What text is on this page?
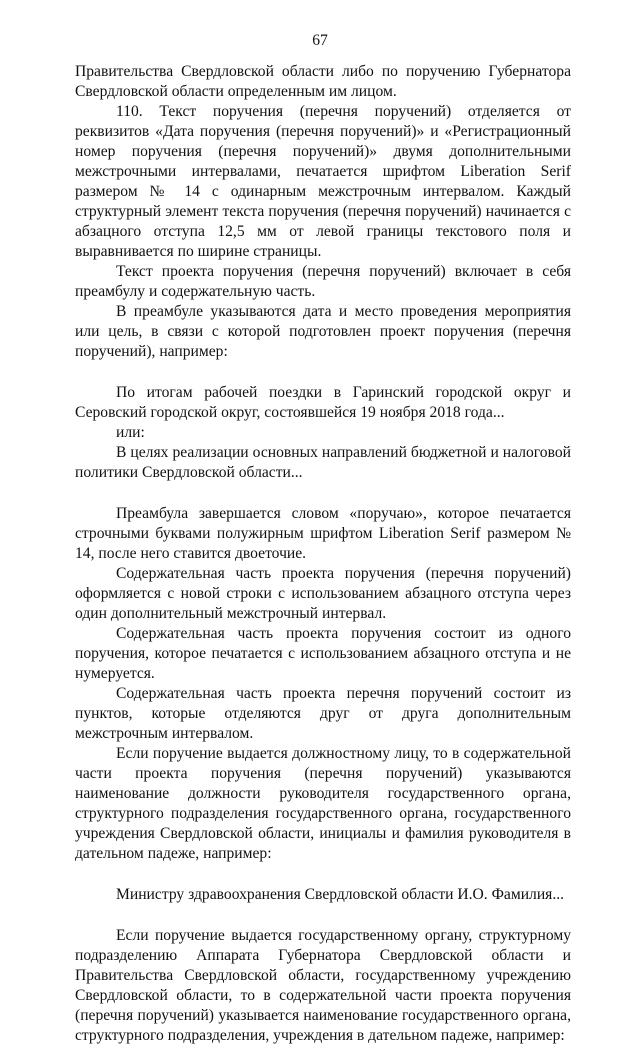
67

Правительства Свердловской области либо по поручению Губернатора Свердловской области определенным им лицом.

110. Текст поручения (перечня поручений) отделяется от реквизитов «Дата поручения (перечня поручений)» и «Регистрационный номер поручения (перечня поручений)» двумя дополнительными межстрочными интервалами, печатается шрифтом Liberation Serif размером № 14 с одинарным межстрочным интервалом. Каждый структурный элемент текста поручения (перечня поручений) начинается с абзацного отступа 12,5 мм от левой границы текстового поля и выравнивается по ширине страницы.

Текст проекта поручения (перечня поручений) включает в себя преамбулу и содержательную часть.

В преамбуле указываются дата и место проведения мероприятия или цель, в связи с которой подготовлен проект поручения (перечня поручений), например:

По итогам рабочей поездки в Гаринский городской округ и Серовский городской округ, состоявшейся 19 ноября 2018 года...

или:

В целях реализации основных направлений бюджетной и налоговой политики Свердловской области...

Преамбула завершается словом «поручаю», которое печатается строчными буквами полужирным шрифтом Liberation Serif размером № 14, после него ставится двоеточие.

Содержательная часть проекта поручения (перечня поручений) оформляется с новой строки с использованием абзацного отступа через один дополнительный межстрочный интервал.

Содержательная часть проекта поручения состоит из одного поручения, которое печатается с использованием абзацного отступа и не нумеруется.

Содержательная часть проекта перечня поручений состоит из пунктов, которые отделяются друг от друга дополнительным межстрочным интервалом.

Если поручение выдается должностному лицу, то в содержательной части проекта поручения (перечня поручений) указываются наименование должности руководителя государственного органа, структурного подразделения государственного органа, государственного учреждения Свердловской области, инициалы и фамилия руководителя в дательном падеже, например:

Министру здравоохранения Свердловской области И.О. Фамилия...

Если поручение выдается государственному органу, структурному подразделению Аппарата Губернатора Свердловской области и Правительства Свердловской области, государственному учреждению Свердловской области, то в содержательной части проекта поручения (перечня поручений) указывается наименование государственного органа, структурного подразделения, учреждения в дательном падеже, например:
